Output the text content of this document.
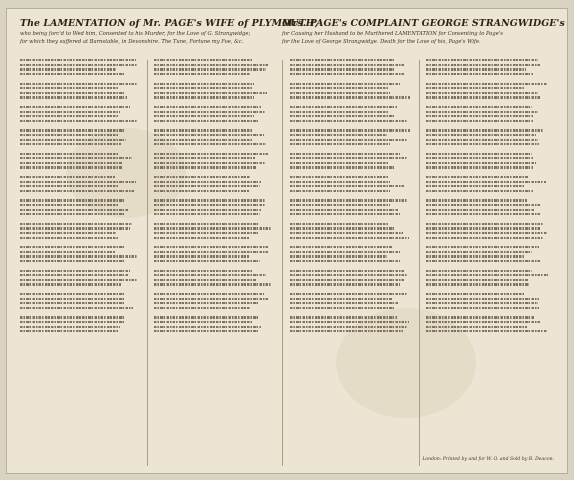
The LAMENTATION of Mr. PAGE's WIFE of PLYMOUTH,
who being forc'd to Wed him, Consented to his Murder, for the Love of G. Strangwidge;
for which they suffered at Barnstable, in Devonshire. The Tune, Fortune my Foe, &c.
Mrs. PAGE's COMPLAINT GEORGE STRANGWIDGE's
for Causing her Husband to be Murthered LAMENTATION for Consenting to Page's
for the Love of George Strangwidge. Death for the Love of his, Page's Wife.
London: Printed by and for W. O. and Sold by B. Deacon.
